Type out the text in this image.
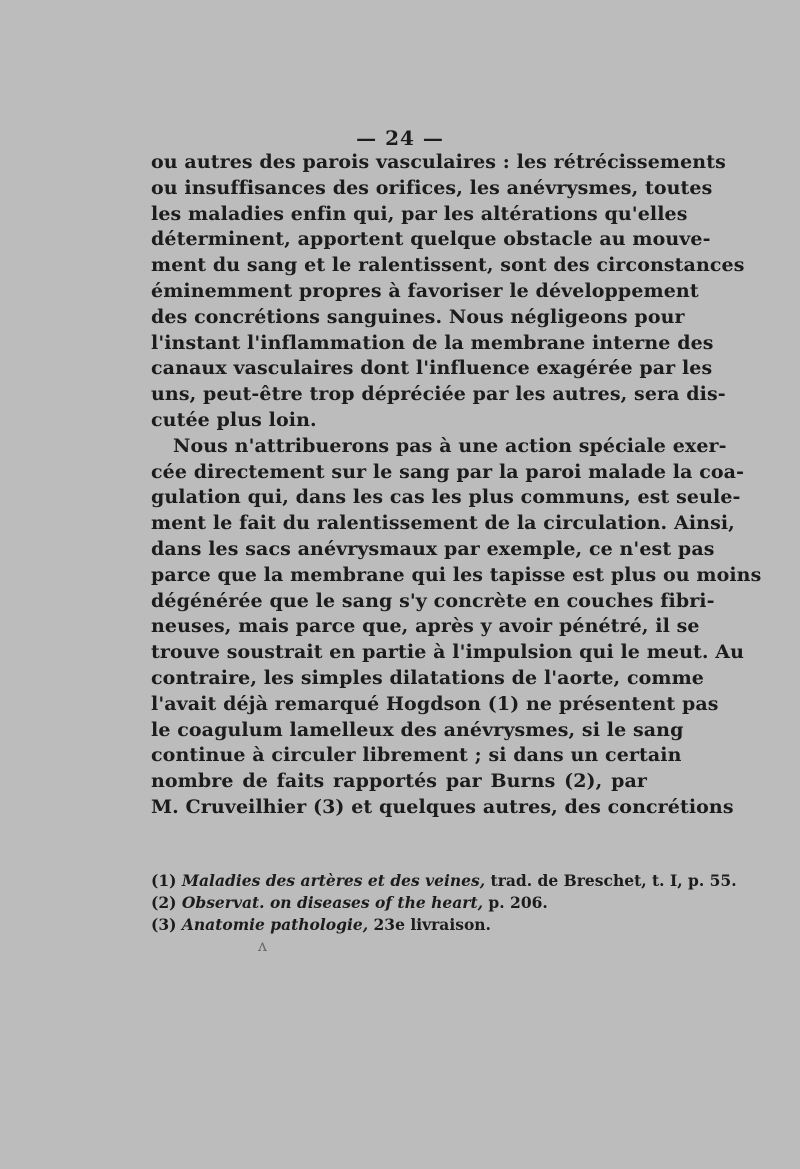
— 24 —
ou autres des parois vasculaires : les rétrécissements
ou insuffisances des orifices, les anévrysmes, toutes
les maladies enfin qui, par les altérations qu'elles
déterminent, apportent quelque obstacle au mouve-
ment du sang et le ralentissent, sont des circonstances
éminemment propres à favoriser le développement
des concrétions sanguines. Nous négligeons pour
l'instant l'inflammation de la membrane interne des
canaux vasculaires dont l'influence exagérée par les
uns, peut-être trop dépréciée par les autres, sera dis-
cutée plus loin.
Nous n'attribuerons pas à une action spéciale exer-
cée directement sur le sang par la paroi malade la coa-
gulation qui, dans les cas les plus communs, est seule-
ment le fait du ralentissement de la circulation. Ainsi,
dans les sacs anévrysmaux par exemple, ce n'est pas
parce que la membrane qui les tapisse est plus ou moins
dégénérée que le sang s'y concrète en couches fibri-
neuses, mais parce que, après y avoir pénétré, il se
trouve soustrait en partie à l'impulsion qui le meut. Au
contraire, les simples dilatations de l'aorte, comme
l'avait déjà remarqué Hogdson (1) ne présentent pas
le coagulum lamelleux des anévrysmes, si le sang
continue à circuler librement ; si dans un certain
nombre de faits rapportés par Burns (2), par
M. Cruveilhier (3) et quelques autres, des concrétions
(1) Maladies des artères et des veines, trad. de Breschet, t. I, p. 55.
(2) Observat. on diseases of the heart, p. 206.
(3) Anatomie pathologie, 23e livraison.
ʌ
